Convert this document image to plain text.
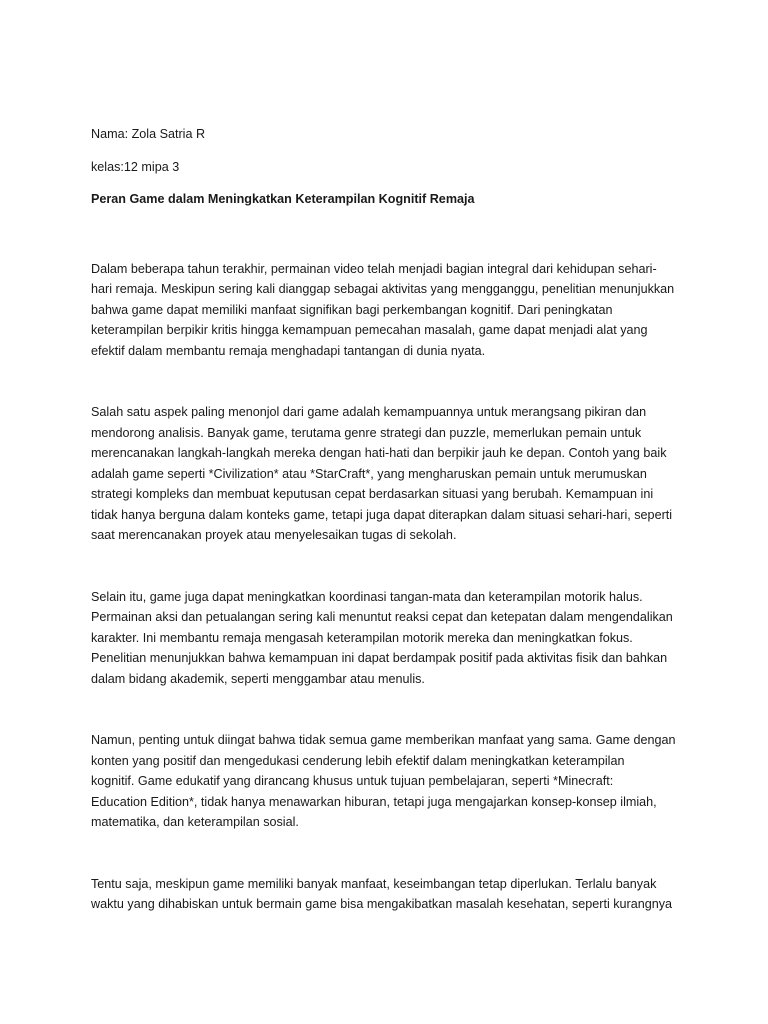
Nama: Zola Satria R

kelas:12 mipa 3

Peran Game dalam Meningkatkan Keterampilan Kognitif Remaja

Dalam beberapa tahun terakhir, permainan video telah menjadi bagian integral dari kehidupan sehari-
hari remaja. Meskipun sering kali dianggap sebagai aktivitas yang mengganggu, penelitian menunjukkan
bahwa game dapat memiliki manfaat signifikan bagi perkembangan kognitif. Dari peningkatan
keterampilan berpikir kritis hingga kemampuan pemecahan masalah, game dapat menjadi alat yang
efektif dalam membantu remaja menghadapi tantangan di dunia nyata.

Salah satu aspek paling menonjol dari game adalah kemampuannya untuk merangsang pikiran dan
mendorong analisis. Banyak game, terutama genre strategi dan puzzle, memerlukan pemain untuk
merencanakan langkah-langkah mereka dengan hati-hati dan berpikir jauh ke depan. Contoh yang baik
adalah game seperti *Civilization* atau *StarCraft*, yang mengharuskan pemain untuk merumuskan
strategi kompleks dan membuat keputusan cepat berdasarkan situasi yang berubah. Kemampuan ini
tidak hanya berguna dalam konteks game, tetapi juga dapat diterapkan dalam situasi sehari-hari, seperti
saat merencanakan proyek atau menyelesaikan tugas di sekolah.

Selain itu, game juga dapat meningkatkan koordinasi tangan-mata dan keterampilan motorik halus.
Permainan aksi dan petualangan sering kali menuntut reaksi cepat dan ketepatan dalam mengendalikan
karakter. Ini membantu remaja mengasah keterampilan motorik mereka dan meningkatkan fokus.
Penelitian menunjukkan bahwa kemampuan ini dapat berdampak positif pada aktivitas fisik dan bahkan
dalam bidang akademik, seperti menggambar atau menulis.

Namun, penting untuk diingat bahwa tidak semua game memberikan manfaat yang sama. Game dengan
konten yang positif dan mengedukasi cenderung lebih efektif dalam meningkatkan keterampilan
kognitif. Game edukatif yang dirancang khusus untuk tujuan pembelajaran, seperti *Minecraft:
Education Edition*, tidak hanya menawarkan hiburan, tetapi juga mengajarkan konsep-konsep ilmiah,
matematika, dan keterampilan sosial.

Tentu saja, meskipun game memiliki banyak manfaat, keseimbangan tetap diperlukan. Terlalu banyak
waktu yang dihabiskan untuk bermain game bisa mengakibatkan masalah kesehatan, seperti kurangnya
